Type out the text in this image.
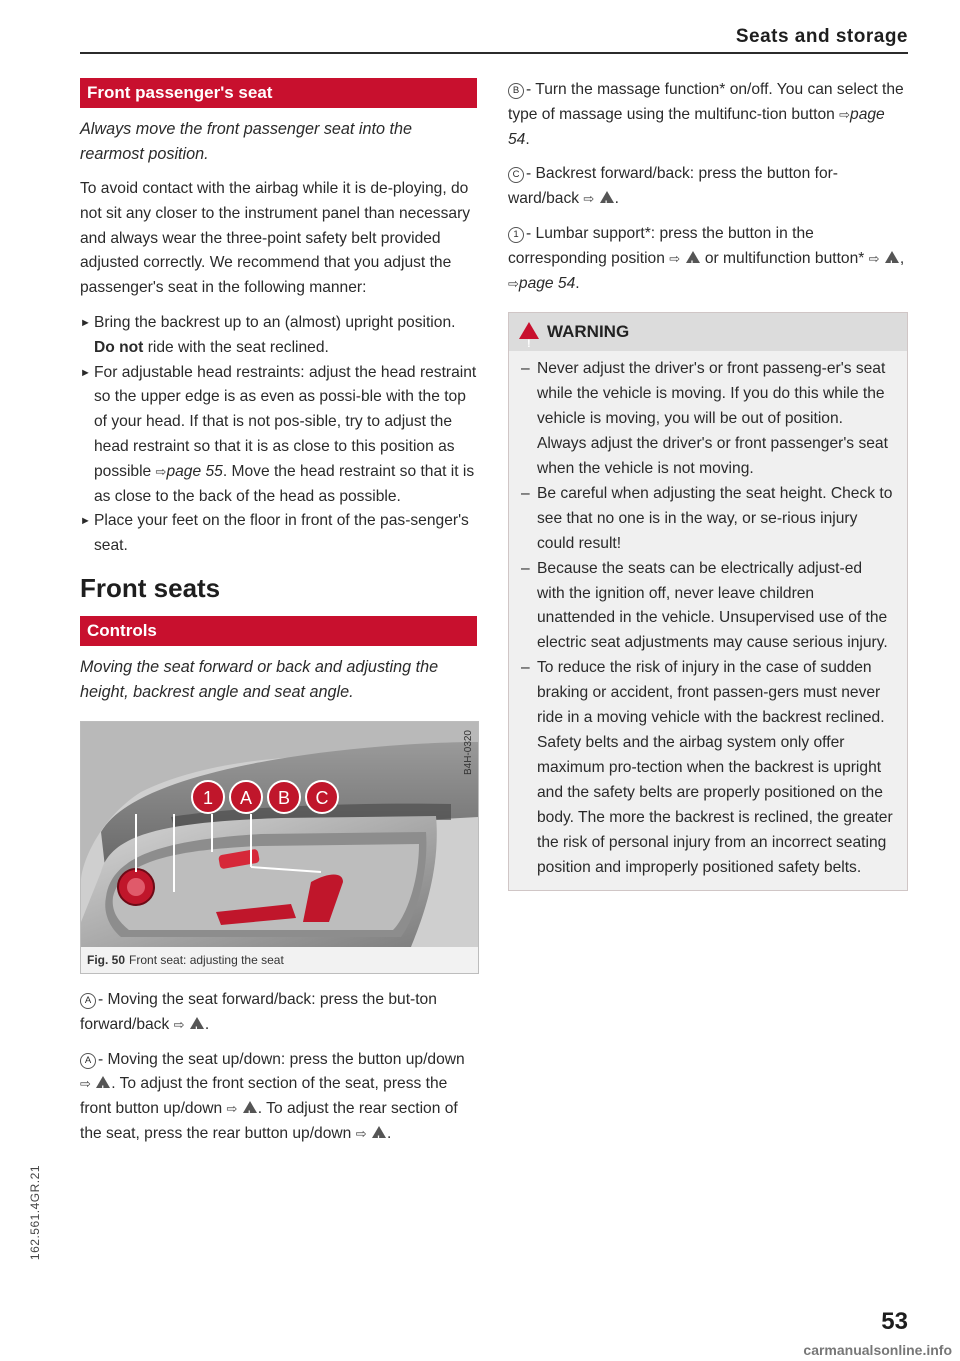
Seats and storage
Front passenger's seat
Always move the front passenger seat into the rearmost position.

To avoid contact with the airbag while it is de-ploying, do not sit any closer to the instrument panel than necessary and always wear the three-point safety belt provided adjusted correctly. We recommend that you adjust the passenger's seat in the following manner:

► Bring the backrest up to an (almost) upright position. Do not ride with the seat reclined.
► For adjustable head restraints: adjust the head restraint so the upper edge is as even as possi-ble with the top of your head. If that is not pos-sible, try to adjust the head restraint so that it is as close to this position as possible ⇨page 55. Move the head restraint so that it is as close to the back of the head as possible.
► Place your feet on the floor in front of the pas-senger's seat.
Front seats
Controls
Moving the seat forward or back and adjusting the height, backrest angle and seat angle.
1 A B C
B4H-0320
Fig. 50 Front seat: adjusting the seat

A - Moving the seat forward/back: press the but-ton forward/back ⇨ ! .

A - Moving the seat up/down: press the button up/down ⇨ ! . To adjust the front section of the seat, press the front button up/down ⇨ ! . To adjust the rear section of the seat, press the rear button up/down ⇨ ! .

B - Turn the massage function* on/off. You can select the type of massage using the multifunc-tion button ⇨page 54.

C - Backrest forward/back: press the button for-ward/back ⇨ ! .

1 - Lumbar support*: press the button in the corresponding position ⇨ ! or multifunction button* ⇨ ! , ⇨page 54.

!WARNING
– Never adjust the driver's or front passeng-er's seat while the vehicle is moving. If you do this while the vehicle is moving, you will be out of position. Always adjust the driver's or front passenger's seat when the vehicle is not moving.
– Be careful when adjusting the seat height. Check to see that no one is in the way, or se-rious injury could result!
– Because the seats can be electrically adjust-ed with the ignition off, never leave children unattended in the vehicle. Unsupervised use of the electric seat adjustments may cause serious injury.
– To reduce the risk of injury in the case of sudden braking or accident, front passen-gers must never ride in a moving vehicle with the backrest reclined. Safety belts and the airbag system only offer maximum pro-tection when the backrest is upright and the safety belts are properly positioned on the body. The more the backrest is reclined, the greater the risk of personal injury from an incorrect seating position and improperly positioned safety belts.
162.561.4GR.21
53
carmanualsonline.info
